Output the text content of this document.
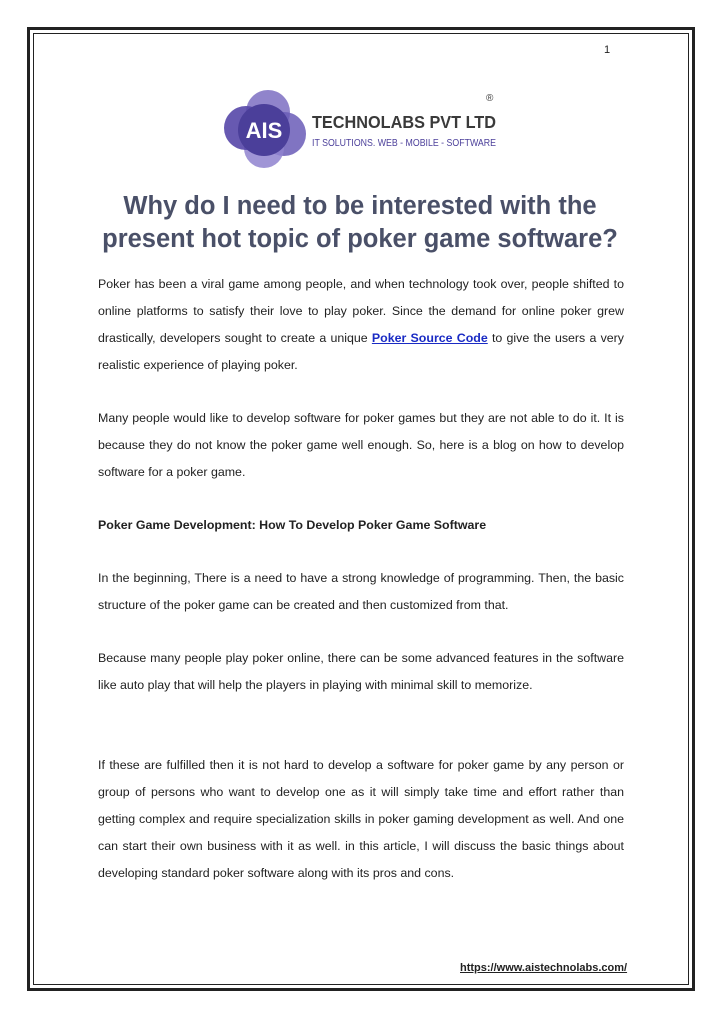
1
AIS TECHNOLABS PVT LTD
IT SOLUTIONS. WEB - MOBILE - SOFTWARE
®
Why do I need to be interested with the
present hot topic of poker game software?

Poker has been a viral game among people, and when technology took over, people shifted to online platforms to satisfy their love to play poker. Since the demand for online poker grew drastically, developers sought to create a unique Poker Source Code to give the users a very realistic experience of playing poker.

Many people would like to develop software for poker games but they are not able to do it. It is because they do not know the poker game well enough. So, here is a blog on how to develop software for a poker game.

Poker Game Development: How To Develop Poker Game Software

In the beginning, There is a need to have a strong knowledge of programming. Then, the basic structure of the poker game can be created and then customized from that.

Because many people play poker online, there can be some advanced features in the software like auto play that will help the players in playing with minimal skill to memorize.

If these are fulfilled then it is not hard to develop a software for poker game by any person or group of persons who want to develop one as it will simply take time and effort rather than getting complex and require specialization skills in poker gaming development as well. And one can start their own business with it as well. in this article, I will discuss the basic things about developing standard poker software along with its pros and cons.

https://www.aistechnolabs.com/
